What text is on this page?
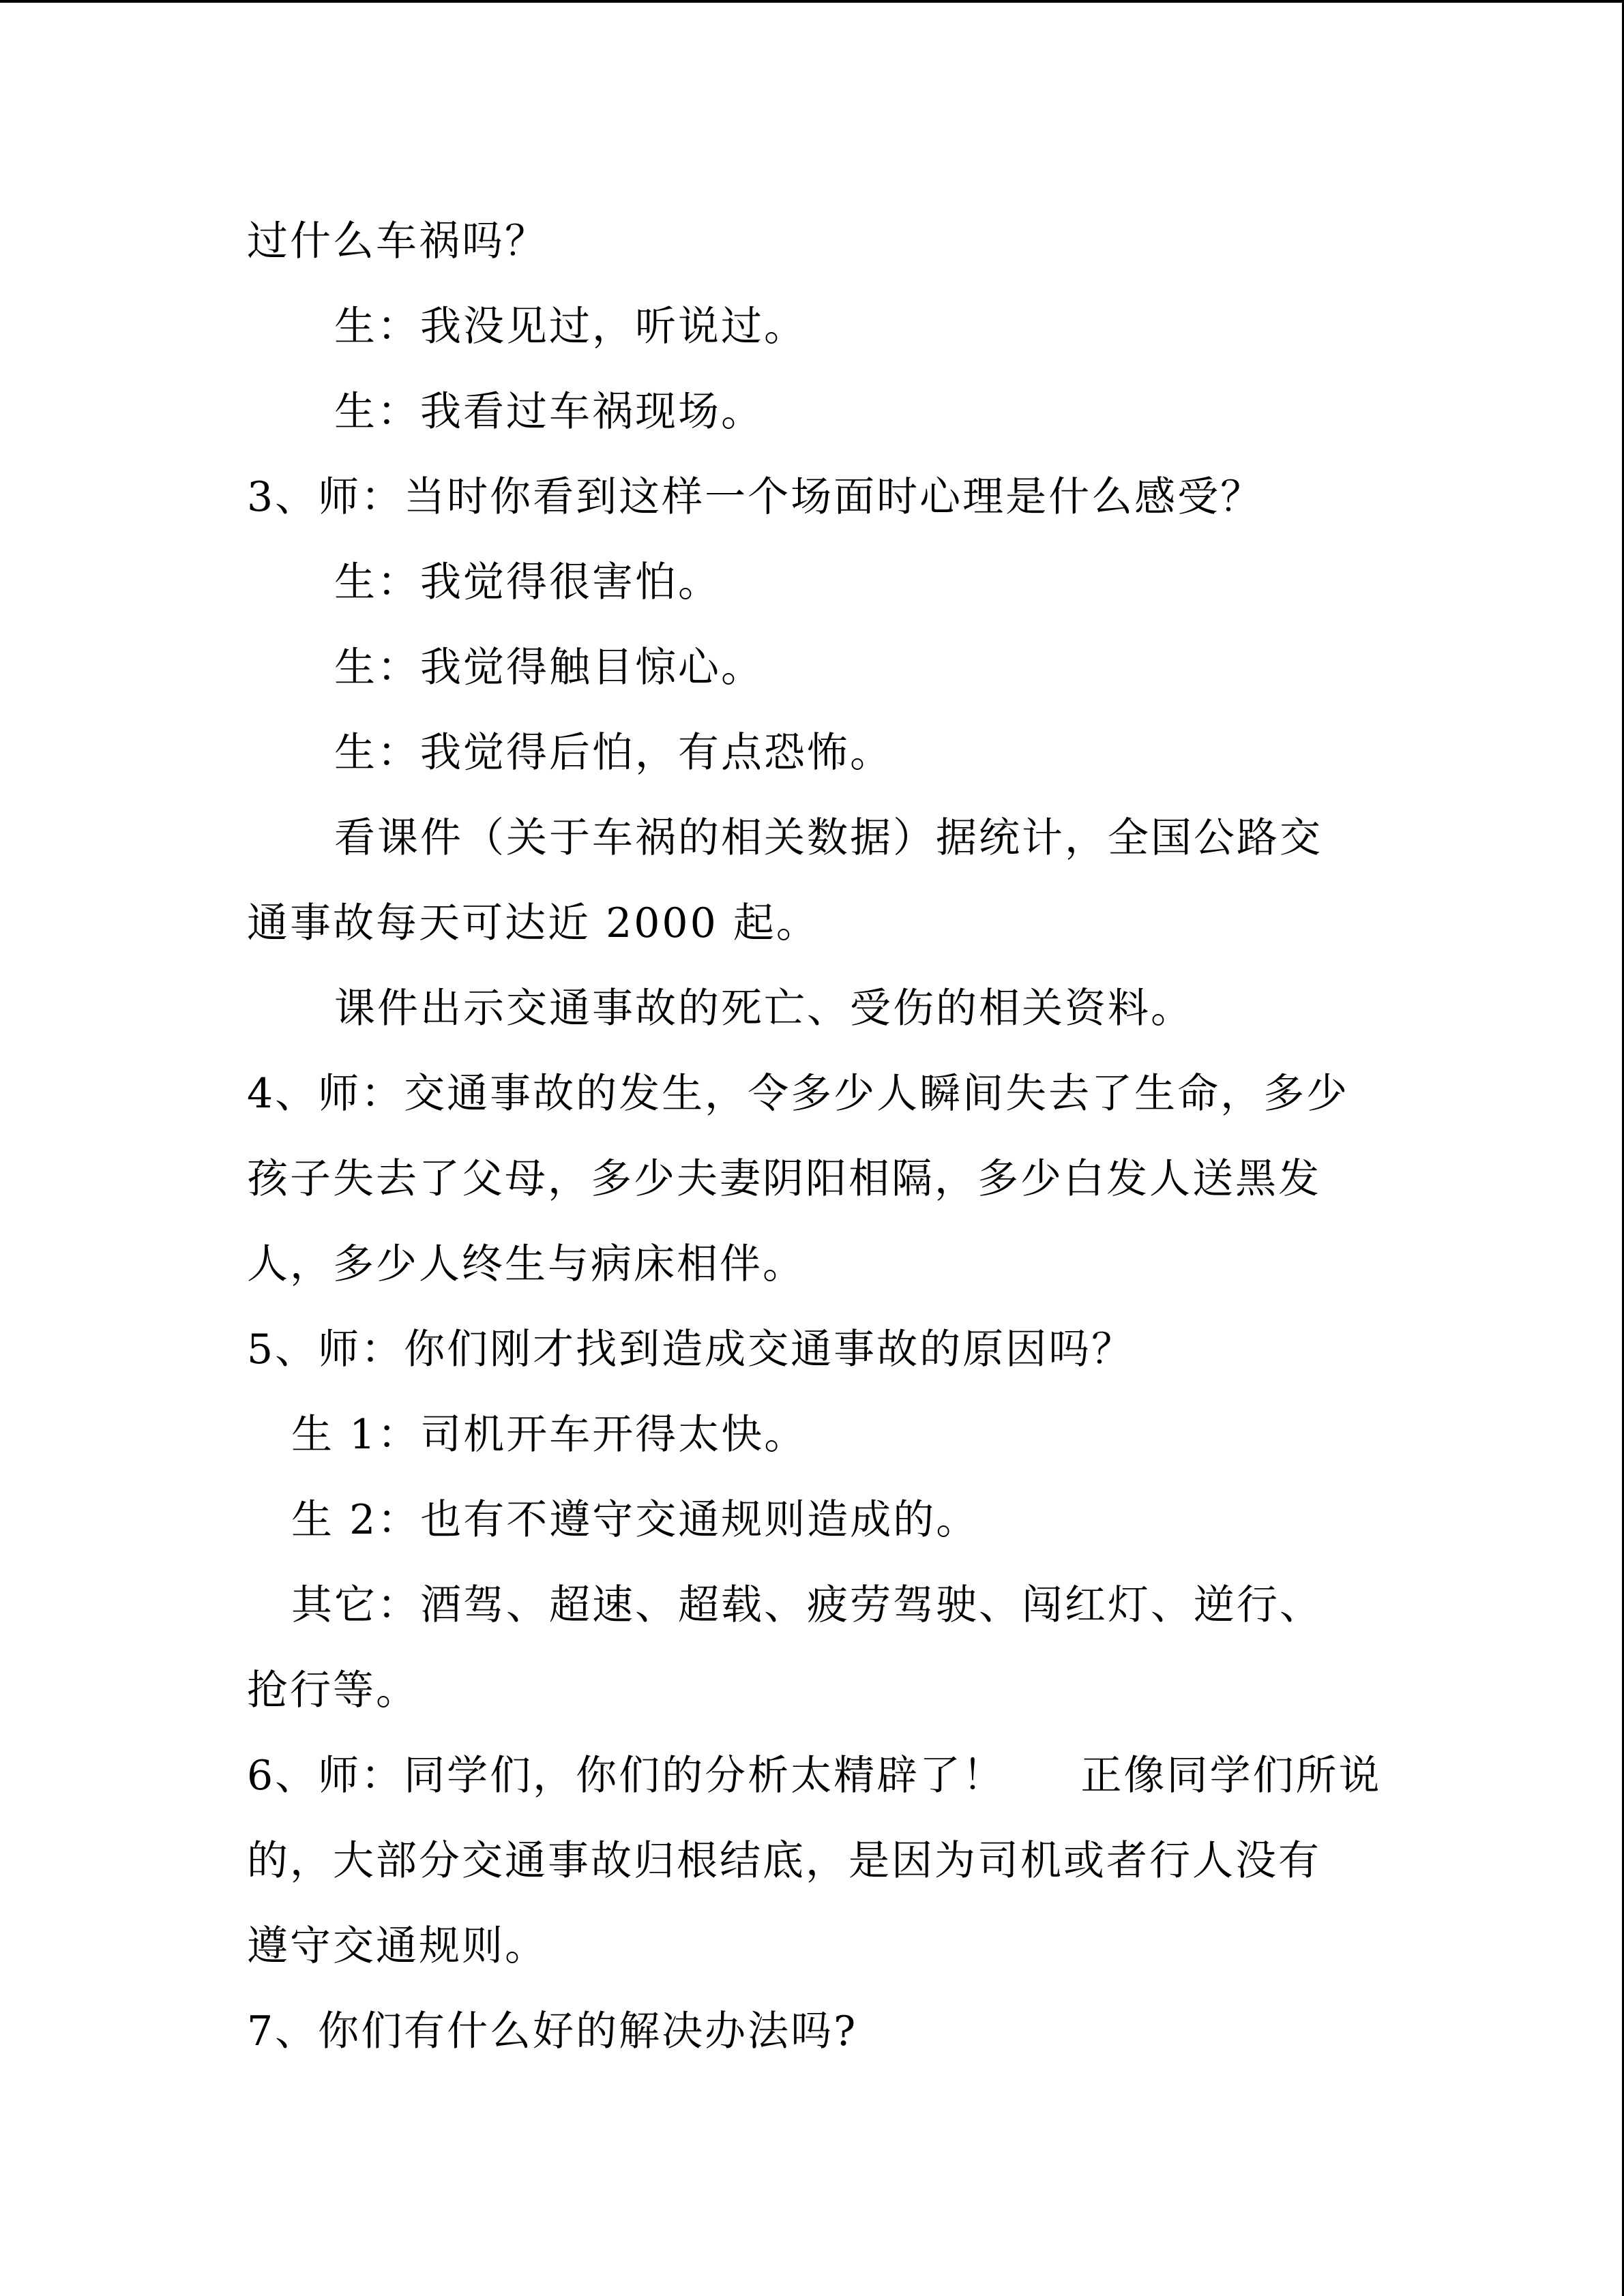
过什么车祸吗？
生：我没见过，听说过。
生：我看过车祸现场。
3、师：当时你看到这样一个场面时心理是什么感受？
生：我觉得很害怕。
生：我觉得触目惊心。
生：我觉得后怕，有点恐怖。
看课件（关于车祸的相关数据）据统计，全国公路交
通事故每天可达近 2000 起。
课件出示交通事故的死亡、受伤的相关资料。
4、师：交通事故的发生，令多少人瞬间失去了生命，多少
孩子失去了父母，多少夫妻阴阳相隔，多少白发人送黑发
人，多少人终生与病床相伴。
5、师：你们刚才找到造成交通事故的原因吗？
生 1：司机开车开得太快。
生 2：也有不遵守交通规则造成的。
其它：酒驾、超速、超载、疲劳驾驶、闯红灯、逆行、
抢行等。
6、师：同学们，你们的分析太精辟了！     正像同学们所说
的，大部分交通事故归根结底，是因为司机或者行人没有
遵守交通规则。
7、你们有什么好的解决办法吗?
